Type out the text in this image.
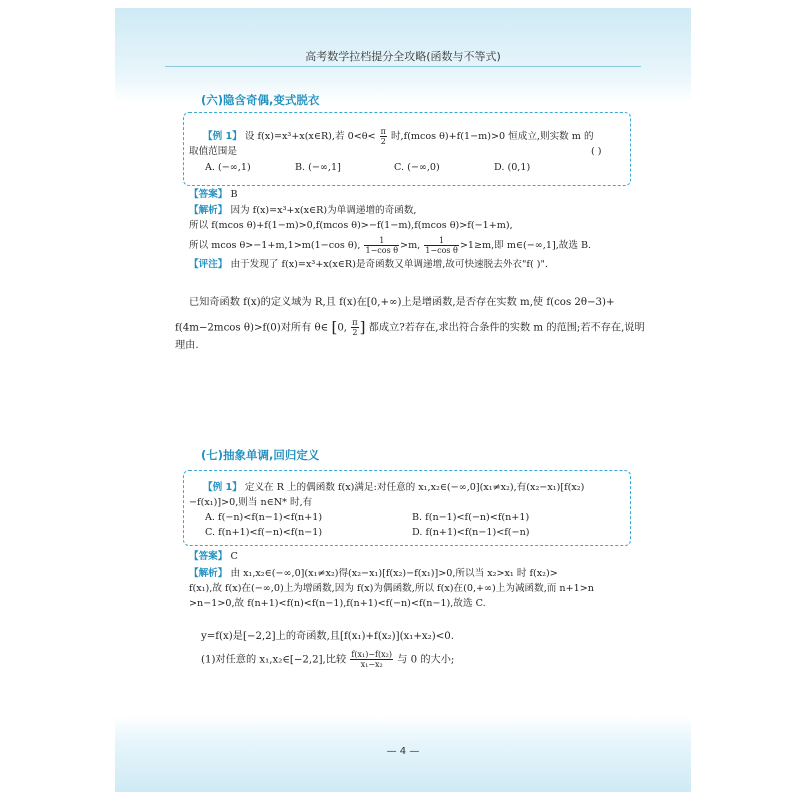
高考数学拉档提分全攻略(函数与不等式)
(六)隐含奇偶,变式脱衣
【例 1】 设 f(x)=x³+x(x∈R),若 $0<\theta< \frac{\pi}{2}$ 时,f(mcos θ)+f(1−m)>0 恒成立,则实数 m 的
取值范围是	( )
A. (−∞,1)	B. (−∞,1]	C. (−∞,0)	D. (0,1)
【答案】 B
【解析】 因为 f(x)=x³+x(x∈R)为单调递增的奇函数,
所以 f(mcos θ)+f(1−m)>0,f(mcos θ)>−f(1−m),f(mcos θ)>f(−1+m),
所以 mcos θ>−1+m,1>m(1−cos θ), $\frac{1}{\text{1−cos θ}} >m$, $\frac{1}{\text{1−cos θ}} >1\ge m$,即 m∈(−∞,1],故选 B.
【评注】 由于发现了 f(x)=x³+x(x∈R)是奇函数又单调递增,故可快速脱去外衣"f( )".
已知奇函数 f(x)的定义域为 R,且 f(x)在[0,+∞)上是增函数,是否存在实数 m,使 f(cos 2θ−3)+
f(4m−2mcos θ)>f(0)对所有 θ∈ [0, $\frac{\pi}{2}$ ] 都成立?若存在,求出符合条件的实数 m 的范围;若不存在,说明
理由.
(七)抽象单调,回归定义
【例 1】 定义在 R 上的偶函数 f(x)满足:对任意的 x₁,x₂∈(−∞,0](x₁≠x₂),有(x₂−x₁)[f(x₂)
−f(x₁)]>0,则当 n∈N* 时,有
A. f(−n)<f(n−1)<f(n+1)	B. f(n−1)<f(−n)<f(n+1)
C. f(n+1)<f(−n)<f(n−1)	D. f(n+1)<f(n−1)<f(−n)
【答案】 C
【解析】 由 x₁,x₂∈(−∞,0](x₁≠x₂)得(x₂−x₁)[f(x₂)−f(x₁)]>0,所以当 x₂>x₁ 时 f(x₂)>
f(x₁),故 f(x)在(−∞,0)上为增函数,因为 f(x)为偶函数,所以 f(x)在(0,+∞)上为减函数,而 n+1>n
>n−1>0,故 f(n+1)<f(n)<f(n−1),f(n+1)<f(−n)<f(n−1),故选 C.
y=f(x)是[−2,2]上的奇函数,且[f(x₁)+f(x₂)](x₁+x₂)<0.
(1)对任意的 x₁,x₂∈[−2,2],比较 $\frac{\text{f(x₁)−f(x₂)}}{\text{x₁−x₂}}$ 与 0 的大小;
— 4 —
